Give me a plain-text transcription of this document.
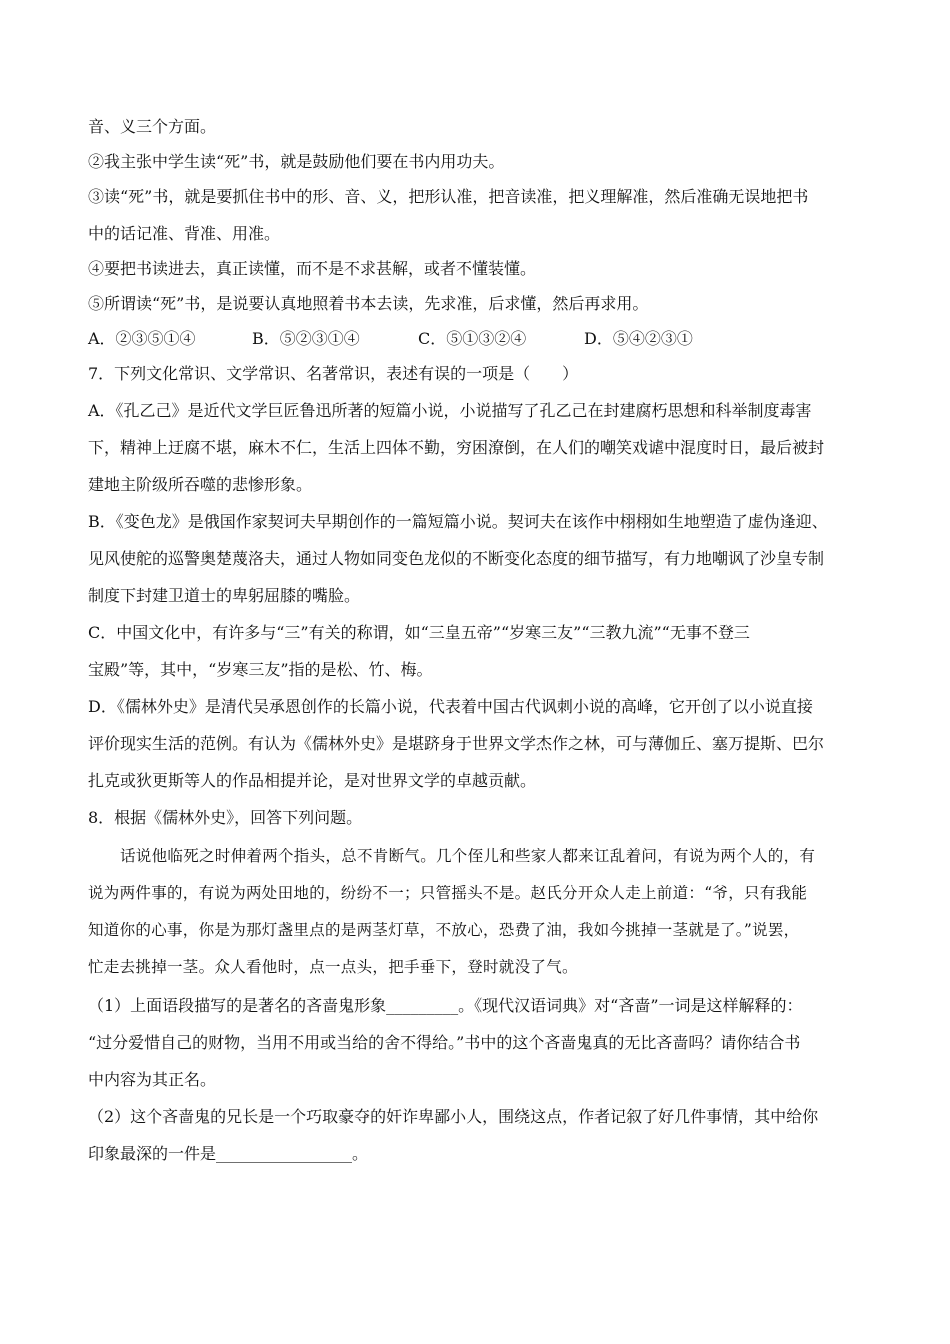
音、义三个方面。
②我主张中学生读“死”书，就是鼓励他们要在书内用功夫。
③读“死”书，就是要抓住书中的形、音、义，把形认准，把音读准，把义理解准，然后准确无误地把书
中的话记准、背准、用准。
④要把书读进去，真正读懂，而不是不求甚解，或者不懂装懂。
⑤所谓读“死”书，是说要认真地照着书本去读，先求准，后求懂，然后再求用。
A．②③⑤①④	B．⑤②③①④	C．⑤①③②④	D．⑤④②③①
7．下列文化常识、文学常识、名著常识，表述有误的一项是（　　）
A．《孔乙己》是近代文学巨匠鲁迅所著的短篇小说，小说描写了孔乙己在封建腐朽思想和科举制度毒害
下，精神上迂腐不堪，麻木不仁，生活上四体不勤，穷困潦倒，在人们的嘲笑戏谑中混度时日，最后被封
建地主阶级所吞噬的悲惨形象。
B．《变色龙》是俄国作家契诃夫早期创作的一篇短篇小说。契诃夫在该作中栩栩如生地塑造了虚伪逢迎、
见风使舵的巡警奥楚蔑洛夫，通过人物如同变色龙似的不断变化态度的细节描写，有力地嘲讽了沙皇专制
制度下封建卫道士的卑躬屈膝的嘴脸。
C．中国文化中，有许多与“三”有关的称谓，如“三皇五帝”“岁寒三友”“三教九流”“无事不登三
宝殿”等，其中，“岁寒三友”指的是松、竹、梅。
D．《儒林外史》是清代吴承恩创作的长篇小说，代表着中国古代讽刺小说的高峰，它开创了以小说直接
评价现实生活的范例。有认为《儒林外史》是堪跻身于世界文学杰作之林，可与薄伽丘、塞万提斯、巴尔
扎克或狄更斯等人的作品相提并论，是对世界文学的卓越贡献。
8．根据《儒林外史》，回答下列问题。
话说他临死之时伸着两个指头，总不肯断气。几个侄儿和些家人都来讧乱着问，有说为两个人的，有
说为两件事的，有说为两处田地的，纷纷不一；只管摇头不是。赵氏分开众人走上前道：“爷，只有我能
知道你的心事，你是为那灯盏里点的是两茎灯草，不放心，恐费了油，我如今挑掉一茎就是了。”说罢，
忙走去挑掉一茎。众人看他时，点一点头，把手垂下，登时就没了气。
（1）上面语段描写的是著名的吝啬鬼形象_________。《现代汉语词典》对“吝啬”一词是这样解释的：
“过分爱惜自己的财物，当用不用或当给的舍不得给。”书中的这个吝啬鬼真的无比吝啬吗？请你结合书
中内容为其正名。
（2）这个吝啬鬼的兄长是一个巧取豪夺的奸诈卑鄙小人，围绕这点，作者记叙了好几件事情，其中给你
印象最深的一件是_________________。
